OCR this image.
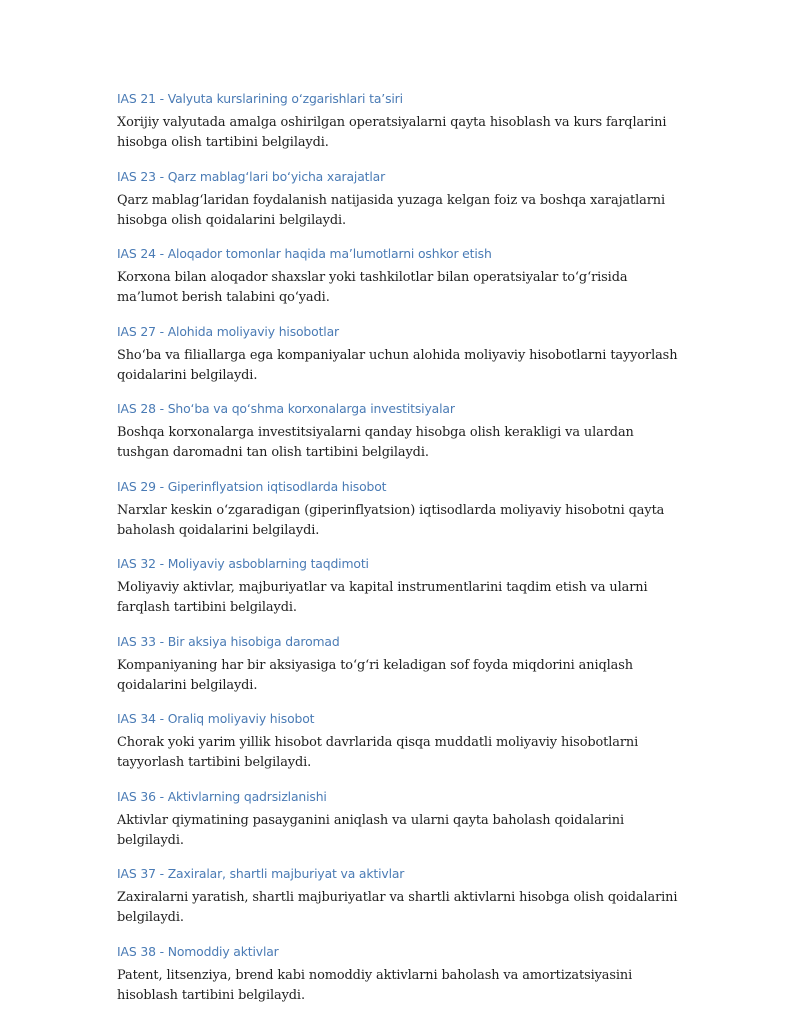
IAS 21 - Valyuta kurslarining o‘zgarishlari ta’siri

Xorijiy valyutada amalga oshirilgan operatsiyalarni qayta hisoblash va kurs farqlarini hisobga olish tartibini belgilaydi.

IAS 23 - Qarz mablag‘lari bo‘yicha xarajatlar

Qarz mablag‘laridan foydalanish natijasida yuzaga kelgan foiz va boshqa xarajatlarni hisobga olish qoidalarini belgilaydi.

IAS 24 - Aloqador tomonlar haqida ma’lumotlarni oshkor etish

Korxona bilan aloqador shaxslar yoki tashkilotlar bilan operatsiyalar to‘g‘risida ma’lumot berish talabini qo‘yadi.

IAS 27 - Alohida moliyaviy hisobotlar

Sho‘ba va filiallarga ega kompaniyalar uchun alohida moliyaviy hisobotlarni tayyorlash qoidalarini belgilaydi.

IAS 28 - Sho‘ba va qo‘shma korxonalarga investitsiyalar

Boshqa korxonalarga investitsiyalarni qanday hisobga olish kerakligi va ulardan tushgan daromadni tan olish tartibini belgilaydi.

IAS 29 - Giperinflyatsion iqtisodlarda hisobot

Narxlar keskin o‘zgaradigan (giperinflyatsion) iqtisodlarda moliyaviy hisobotni qayta baholash qoidalarini belgilaydi.

IAS 32 - Moliyaviy asboblarning taqdimoti

Moliyaviy aktivlar, majburiyatlar va kapital instrumentlarini taqdim etish va ularni farqlash tartibini belgilaydi.

IAS 33 - Bir aksiya hisobiga daromad

Kompaniyaning har bir aksiyasiga to‘g‘ri keladigan sof foyda miqdorini aniqlash qoidalarini belgilaydi.

IAS 34 - Oraliq moliyaviy hisobot

Chorak yoki yarim yillik hisobot davrlarida qisqa muddatli moliyaviy hisobotlarni tayyorlash tartibini belgilaydi.

IAS 36 - Aktivlarning qadrsizlanishi

Aktivlar qiymatining pasayganini aniqlash va ularni qayta baholash qoidalarini belgilaydi.

IAS 37 - Zaxiralar, shartli majburiyat va aktivlar

Zaxiralarni yaratish, shartli majburiyatlar va shartli aktivlarni hisobga olish qoidalarini belgilaydi.

IAS 38 - Nomoddiy aktivlar

Patent, litsenziya, brend kabi nomoddiy aktivlarni baholash va amortizatsiyasini hisoblash tartibini belgilaydi.
